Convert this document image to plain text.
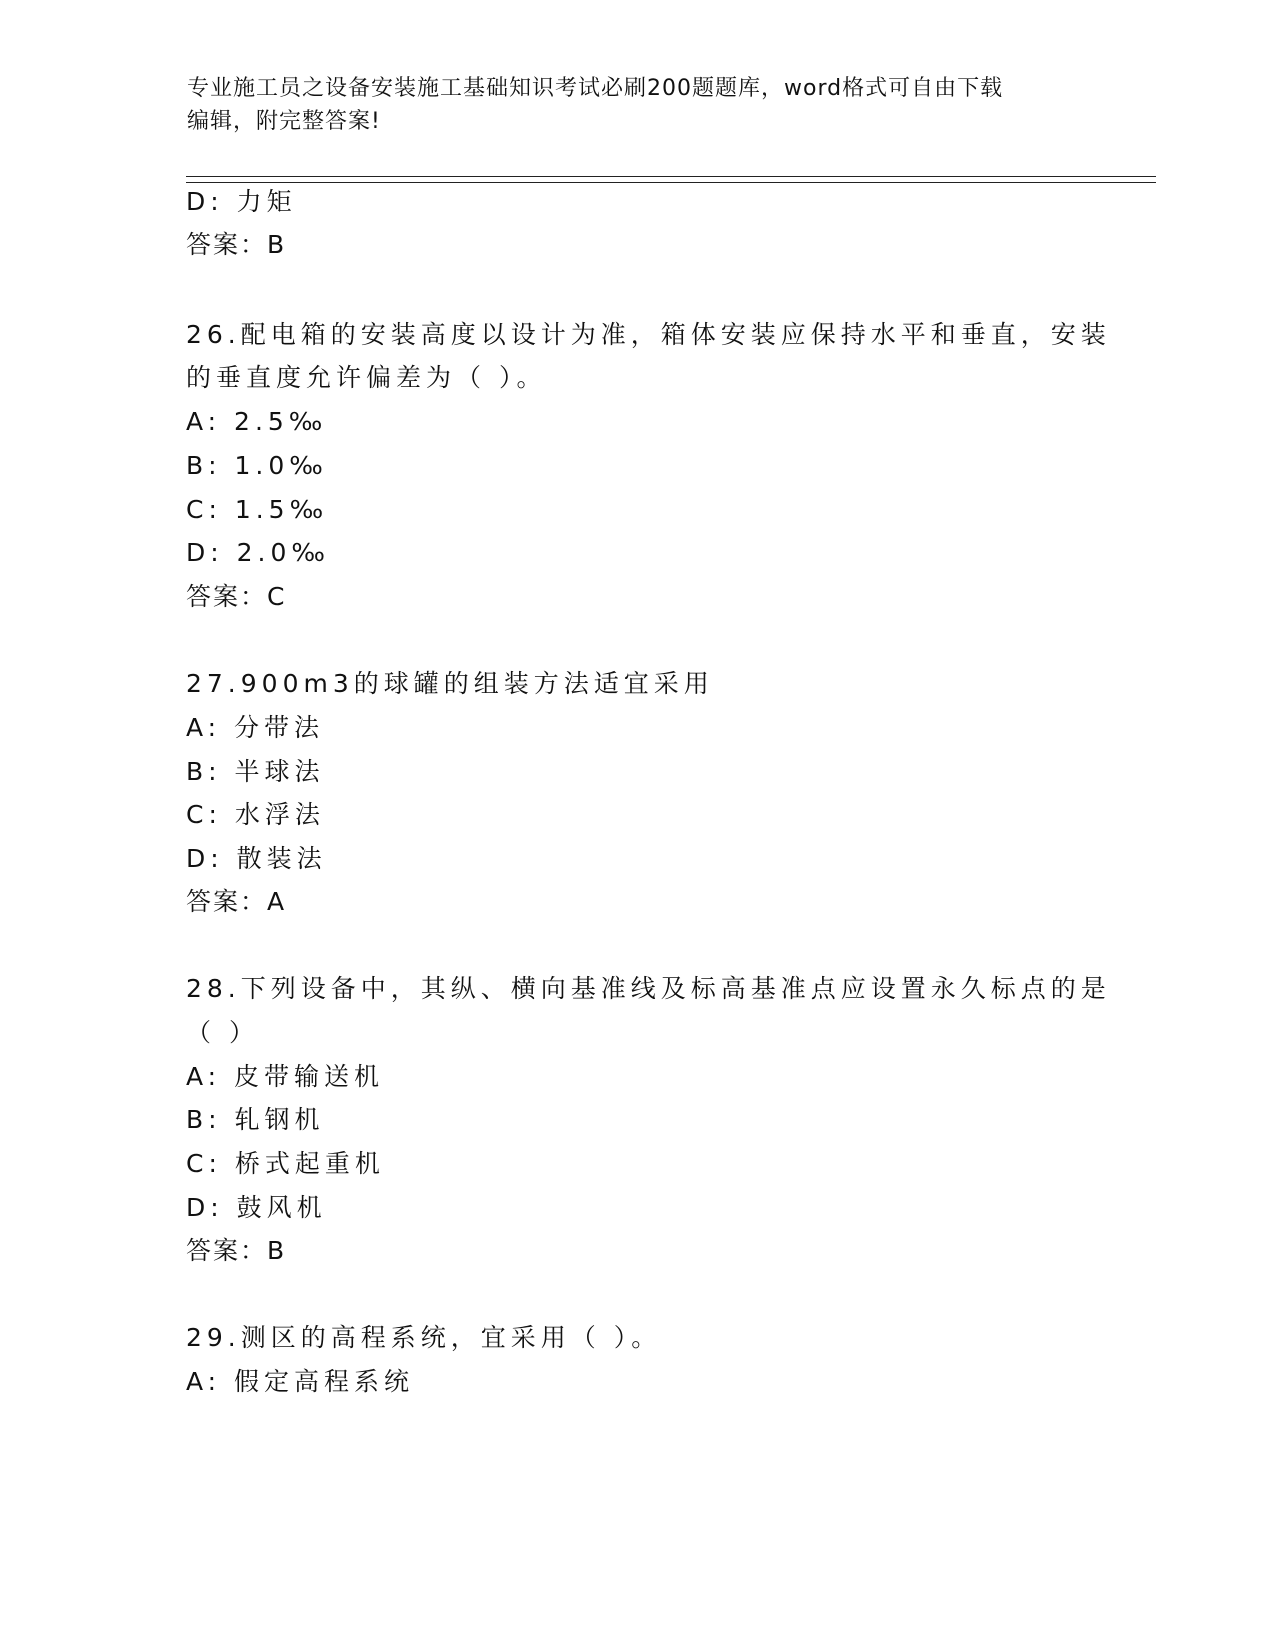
专业施工员之设备安装施工基础知识考试必刷200题题库，word格式可自由下载
编辑，附完整答案!
D: 力矩
答案：B
26.配电箱的安装高度以设计为准，箱体安装应保持水平和垂直，安装
的垂直度允许偏差为（ ）。
A: 2.5‰
B: 1.0‰
C: 1.5‰
D: 2.0‰
答案：C
27.900m3的球罐的组装方法适宜采用
A: 分带法
B: 半球法
C: 水浮法
D: 散装法
答案：A
28.下列设备中，其纵、横向基准线及标高基准点应设置永久标点的是
（ ）
A: 皮带输送机
B: 轧钢机
C: 桥式起重机
D: 鼓风机
答案：B
29.测区的高程系统，宜采用（ ）。
A: 假定高程系统
